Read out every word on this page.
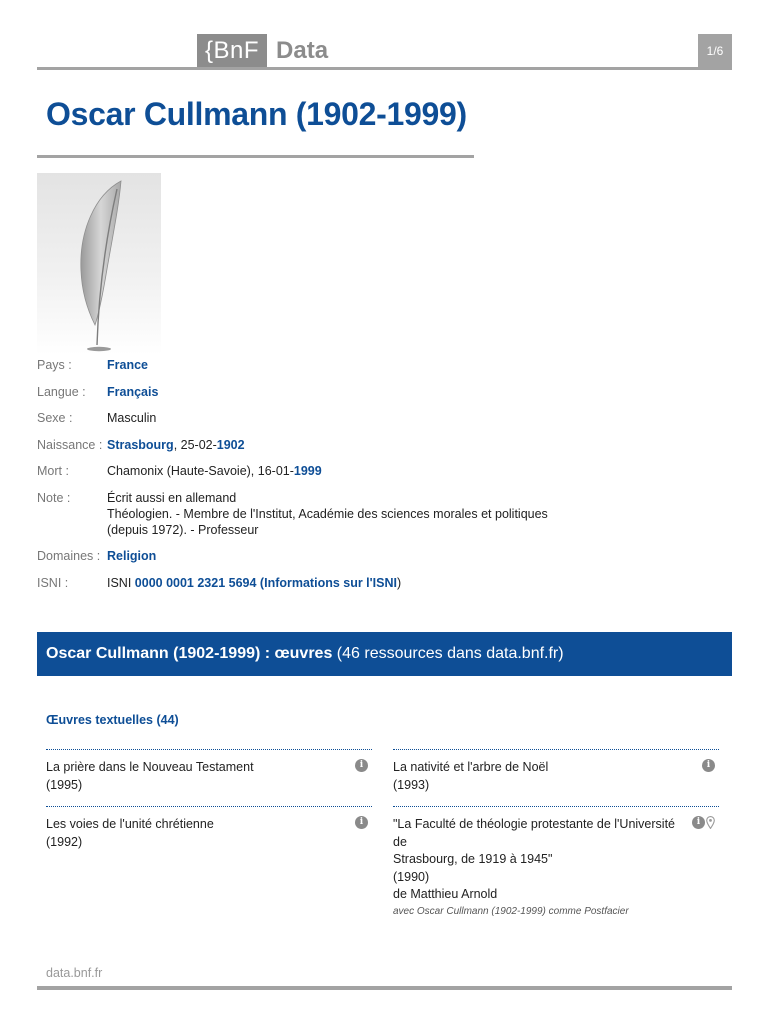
{BnF Data	1/6
Oscar Cullmann (1902-1999)
Pays :	France
Langue :	Français
Sexe :	Masculin
Naissance : Strasbourg, 25-02-1902
Mort :	Chamonix (Haute-Savoie), 16-01-1999
Note :	Écrit aussi en allemand
Théologien. - Membre de l'Institut, Académie des sciences morales et politiques
(depuis 1972). - Professeur
Domaines : Religion
ISNI :	ISNI 0000 0001 2321 5694 (Informations sur l'ISNI)
Oscar Cullmann (1902-1999) : œuvres
(46 ressources dans data.bnf.fr)
Œuvres textuelles (44)
La prière dans le Nouveau Testament
(1995)
i
Les voies de l'unité chrétienne
(1992)
i
La nativité et l'arbre de Noël
(1993)
i
"La Faculté de théologie protestante de l'Université de
Strasbourg, de 1919 à 1945"
(1990)
de Matthieu Arnold
avec Oscar Cullmann (1902-1999) comme Postfacier
i
data.bnf.fr
